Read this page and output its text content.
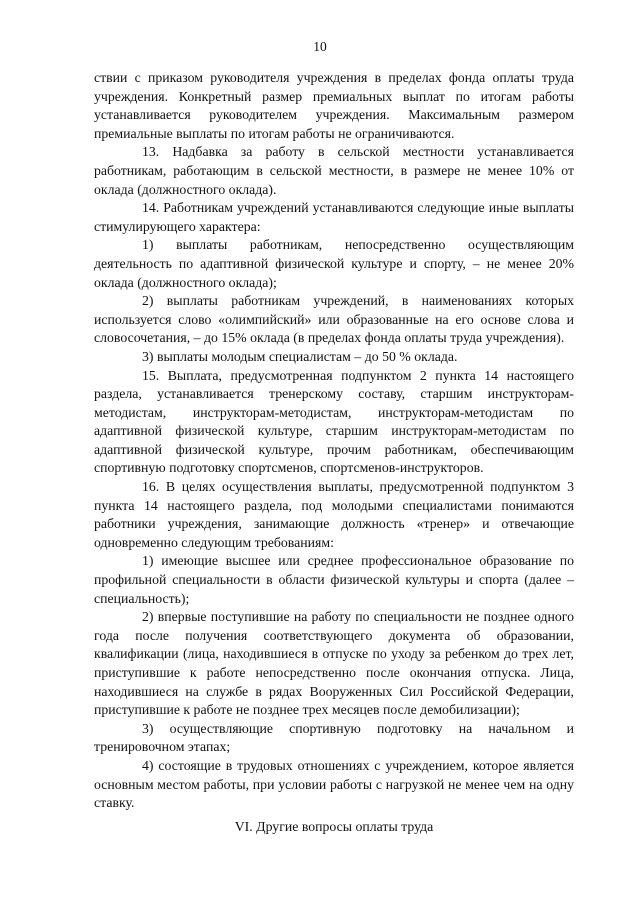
10

ствии с приказом руководителя учреждения в пределах фонда оплаты труда учреждения. Конкретный размер премиальных выплат по итогам работы устанавливается руководителем учреждения. Максимальным размером премиальные выплаты по итогам работы не ограничиваются.

13. Надбавка за работу в сельской местности устанавливается работникам, работающим в сельской местности, в размере не менее 10% от оклада (должностного оклада).

14. Работникам учреждений устанавливаются следующие иные выплаты стимулирующего характера:

1) выплаты работникам, непосредственно осуществляющим деятельность по адаптивной физической культуре и спорту, – не менее 20% оклада (должностного оклада);

2) выплаты работникам учреждений, в наименованиях которых используется слово «олимпийский» или образованные на его основе слова и словосочетания, – до 15% оклада (в пределах фонда оплаты труда учреждения).

3) выплаты молодым специалистам – до 50 % оклада.

15. Выплата, предусмотренная подпунктом 2 пункта 14 настоящего раздела, устанавливается тренерскому составу, старшим инструкторам-методистам, инструкторам-методистам, инструкторам-методистам по адаптивной физической культуре, старшим инструкторам-методистам по адаптивной физической культуре, прочим работникам, обеспечивающим спортивную подготовку спортсменов, спортсменов-инструкторов.

16. В целях осуществления выплаты, предусмотренной подпунктом 3 пункта 14 настоящего раздела, под молодыми специалистами понимаются работники учреждения, занимающие должность «тренер» и отвечающие одновременно следующим требованиям:

1) имеющие высшее или среднее профессиональное образование по профильной специальности в области физической культуры и спорта (далее – специальность);

2) впервые поступившие на работу по специальности не позднее одного года после получения соответствующего документа об образовании, квалификации (лица, находившиеся в отпуске по уходу за ребенком до трех лет, приступившие к работе непосредственно после окончания отпуска. Лица, находившиеся на службе в рядах Вооруженных Сил Российской Федерации, приступившие к работе не позднее трех месяцев после демобилизации);

3) осуществляющие спортивную подготовку на начальном и тренировочном этапах;

4) состоящие в трудовых отношениях с учреждением, которое является основным местом работы, при условии работы с нагрузкой не менее чем на одну ставку.

VI. Другие вопросы оплаты труда
